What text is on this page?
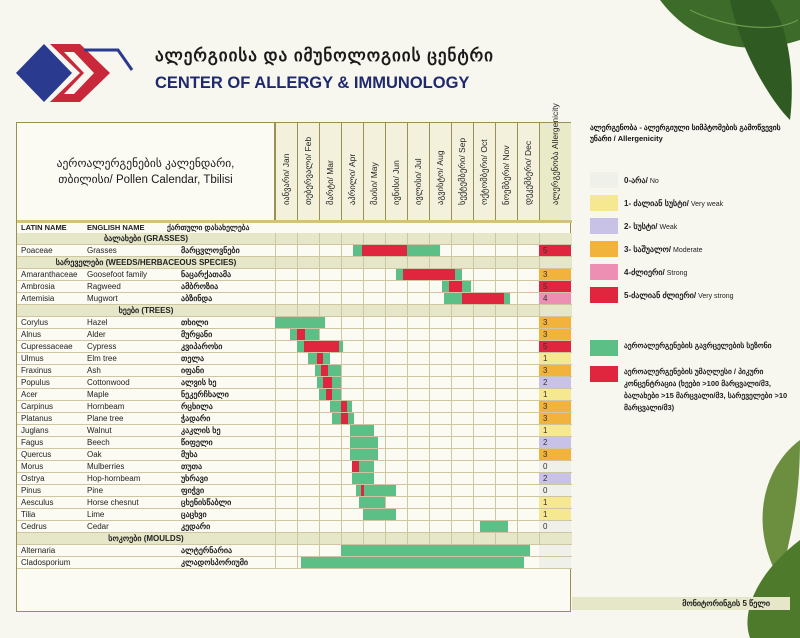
ალერგიისა და იმუნოლოგიის ცენტრი
CENTER OF ALLERGY & IMMUNOLOGY
აეროალერგენების კალენდარი,
თბილისი/ Pollen Calendar, Tbilisi	იანვარი/ Jan თებერვალი/ Feb მარტი/ Mar აპრილი/ Apr მაისი/ May ივნისი/ Jun ივლისი/ Jul აგვისტო/ Aug სექტემბერი/ Sep ოქტომბერი/ Oct ნოემბერი/ Nov დეკემბერი/ Dec ალერგენობა Allergenicity
LATIN NAME	ENGLISH NAME	ქართული დასახელება
ბალახები (GRASSES)
Poaceae	Grasses	მარცვლოვნები	5
სარეველები (WEEDS/HERBACEOUS SPECIES)
Amaranthaceae Goosefoot family	ნაცარქათამა	3
Ambrosia	Ragweed	ამბროზია	5
Artemisia	Mugwort	აბზინდა	4
ხეები (TREES)
Corylus	Hazel	თხილი	3
Alnus	Alder	მურყანი	3
Cupressaceae Cypress	კვიპაროსი	5
Ulmus	Elm tree	თელა	1
Fraxinus	Ash	იფანი	3
Populus	Cottonwood	ალვის ხე	2
Acer	Maple	ნეკერჩხალი	1
Carpinus	Hornbeam	რცხილა	3
Platanus	Plane tree	ჭადარი	3
Juglans	Walnut	კაკლის ხე	1
Fagus	Beech	წიფელი	2
Quercus	Oak	მუხა	3
Morus	Mulberries	თუთა	0
Ostrya	Hop-hornbeam	უხრავი	2
Pinus	Pine	ფიჭვი	0
Aesculus	Horse chesnut	ცხენისწაბლი	1
Tilia	Lime	ცაცხვი	1
Cedrus	Cedar	კედარი	0
სოკოები (MOULDS)
Alternaria	ალტერნარია
Cladosporium	კლადოსპორიუმი
ალერგენობა - ალერგიული სიმპტომების გამოწვევის უნარი / Allergenicity
0-არა/ No
1- ძალიან სუსტი/ Very weak
2- სუსტი/ Weak
3- საშუალო/ Moderate
4-ძლიერი/ Strong
5-ძალიან ძლიერი/ Very strong
აეროალერგენების გავრცელების სეზონი
აეროალერგენების უმაღლესი / პიკური კონცენტრაცია (ხეები >100 მარცვალი/მ3, ბალახები >15 მარცვალი/მ3, სარეველები >10 მარცვალი/მ3)
მონიტორინგის 5 წელი
